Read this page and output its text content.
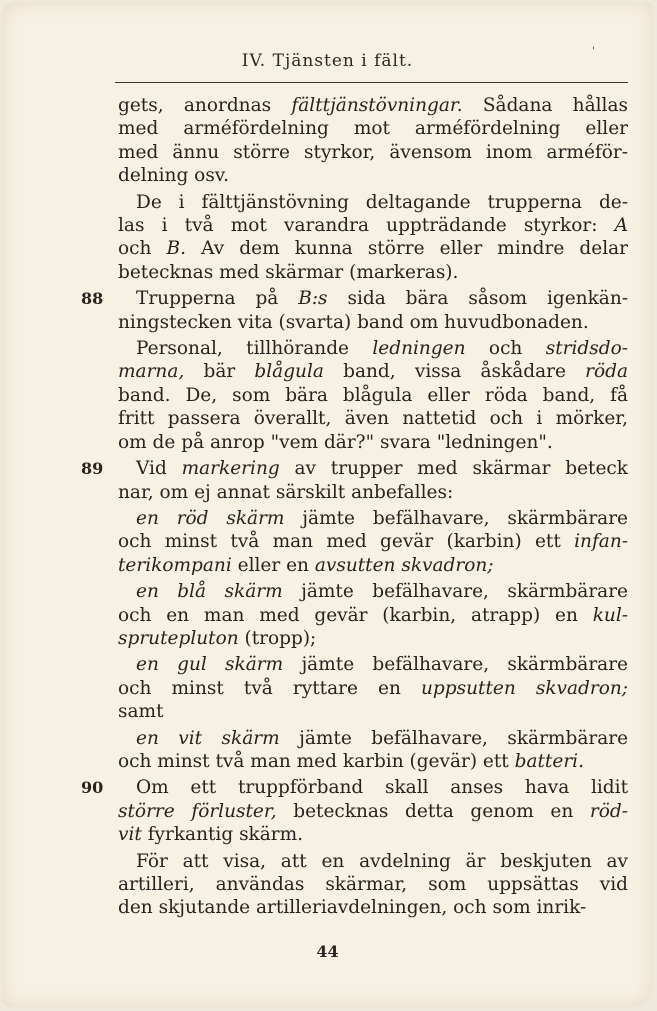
IV. Tjänsten i fält.	'
gets, anordnas fälttjänstövningar. Sådana hållas
med arméfördelning mot arméfördelning eller
med ännu större styrkor, ävensom inom arméför-
delning osv.
De i fälttjänstövning deltagande trupperna de-
las i två mot varandra uppträdande styrkor: A
och B. Av dem kunna större eller mindre delar
betecknas med skärmar (markeras).
88	Trupperna på B:s sida bära såsom igenkän-
ningstecken vita (svarta) band om huvudbonaden.
Personal, tillhörande ledningen och stridsdo-
marna, bär blågula band, vissa åskådare röda
band. De, som bära blågula eller röda band, få
fritt passera överallt, även nattetid och i mörker,
om de på anrop "vem där?" svara "ledningen".
89	Vid markering av trupper med skärmar beteck
nar, om ej annat särskilt anbefalles:
en röd skärm jämte befälhavare, skärmbärare
och minst två man med gevär (karbin) ett infan-
terikompani eller en avsutten skvadron;
en blå skärm jämte befälhavare, skärmbärare
och en man med gevär (karbin, atrapp) en kul-
sprutepluton (tropp);
en gul skärm jämte befälhavare, skärmbärare
och minst två ryttare en uppsutten skvadron;
samt
en vit skärm jämte befälhavare, skärmbärare
och minst två man med karbin (gevär) ett batteri.
90	Om ett truppförband skall anses hava lidit
större förluster, betecknas detta genom en röd-
vit fyrkantig skärm.
För att visa, att en avdelning är beskjuten av
artilleri, användas skärmar, som uppsättas vid
den skjutande artilleriavdelningen, och som inrik-
44
